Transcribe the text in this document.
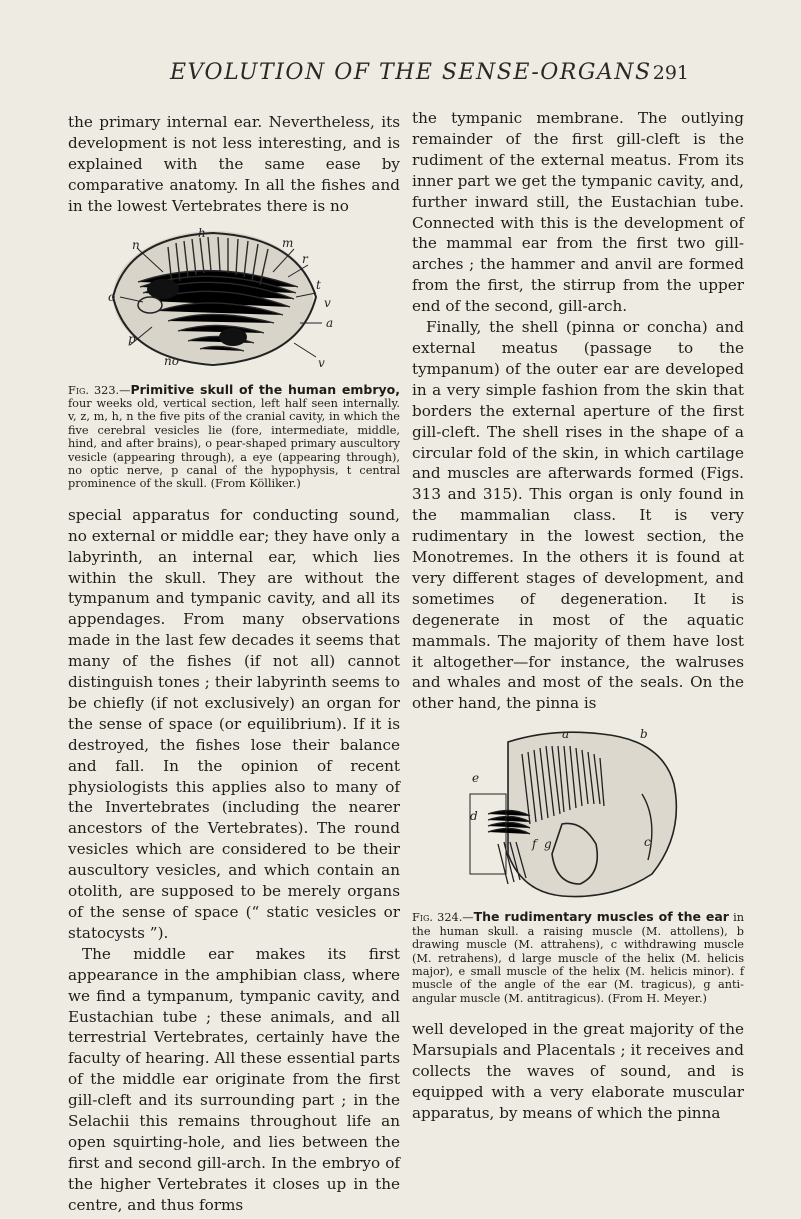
EVOLUTION OF THE SENSE-ORGANS 291

the primary internal ear. Nevertheless, its development is not less interesting, and is explained with the same ease by comparative anatomy. In all the fishes and in the lowest Vertebrates there is no

h
n	m
r
t
v
o
a
p
no	v

Fig. 323.—Primitive skull of the human embryo, four weeks old, vertical section, left half seen internally. v, z, m, h, n the five pits of the cranial cavity, in which the five cerebral vesicles lie (fore, intermediate, middle, hind, and after brains), o pear-shaped primary auscultory vesicle (appearing through), a eye (appearing through), no optic nerve, p canal of the hypophysis, t central prominence of the skull. (From Kölliker.)

special apparatus for conducting sound, no external or middle ear; they have only a labyrinth, an internal ear, which lies within the skull. They are without the tympanum and tympanic cavity, and all its appendages. From many observations made in the last few decades it seems that many of the fishes (if not all) cannot distinguish tones ; their labyrinth seems to be chiefly (if not exclusively) an organ for the sense of space (or equilibrium). If it is destroyed, the fishes lose their balance and fall. In the opinion of recent physiologists this applies also to many of the Invertebrates (including the nearer ancestors of the Vertebrates). The round vesicles which are considered to be their auscultory vesicles, and which contain an otolith, are supposed to be merely organs of the sense of space (“ static vesicles or statocysts ”).

The middle ear makes its first appearance in the amphibian class, where we find a tympanum, tympanic cavity, and Eustachian tube ; these animals, and all terrestrial Vertebrates, certainly have the faculty of hearing. All these essential parts of the middle ear originate from the first gill-cleft and its surrounding part ; in the Selachii this remains throughout life an open squirting-hole, and lies between the first and second gill-arch. In the embryo of the higher Vertebrates it closes up in the centre, and thus forms

the tympanic membrane. The outlying remainder of the first gill-cleft is the rudiment of the external meatus. From its inner part we get the tympanic cavity, and, further inward still, the Eustachian tube. Connected with this is the development of the mammal ear from the first two gill-arches ; the hammer and anvil are formed from the first, the stirrup from the upper end of the second, gill-arch.

Finally, the shell (pinna or concha) and external meatus (passage to the tympanum) of the outer ear are developed in a very simple fashion from the skin that borders the external aperture of the first gill-cleft. The shell rises in the shape of a circular fold of the skin, in which cartilage and muscles are afterwards formed (Figs. 313 and 315). This organ is only found in the mammalian class. It is very rudimentary in the lowest section, the Monotremes. In the others it is found at very different stages of development, and sometimes of degeneration. It is degenerate in most of the aquatic mammals. The majority of them have lost it altogether—for instance, the walruses and whales and most of the seals. On the other hand, the pinna is

a	b
e
d
f g	c

Fig. 324.—The rudimentary muscles of the ear in the human skull. a raising muscle (M. attollens), b drawing muscle (M. attrahens), c withdrawing muscle (M. retrahens), d large muscle of the helix (M. helicis major), e small muscle of the helix (M. helicis minor). f muscle of the angle of the ear (M. tragicus), g anti-angular muscle (M. antitragicus). (From H. Meyer.)

well developed in the great majority of the Marsupials and Placentals ; it receives and collects the waves of sound, and is equipped with a very elaborate muscular apparatus, by means of which the pinna
